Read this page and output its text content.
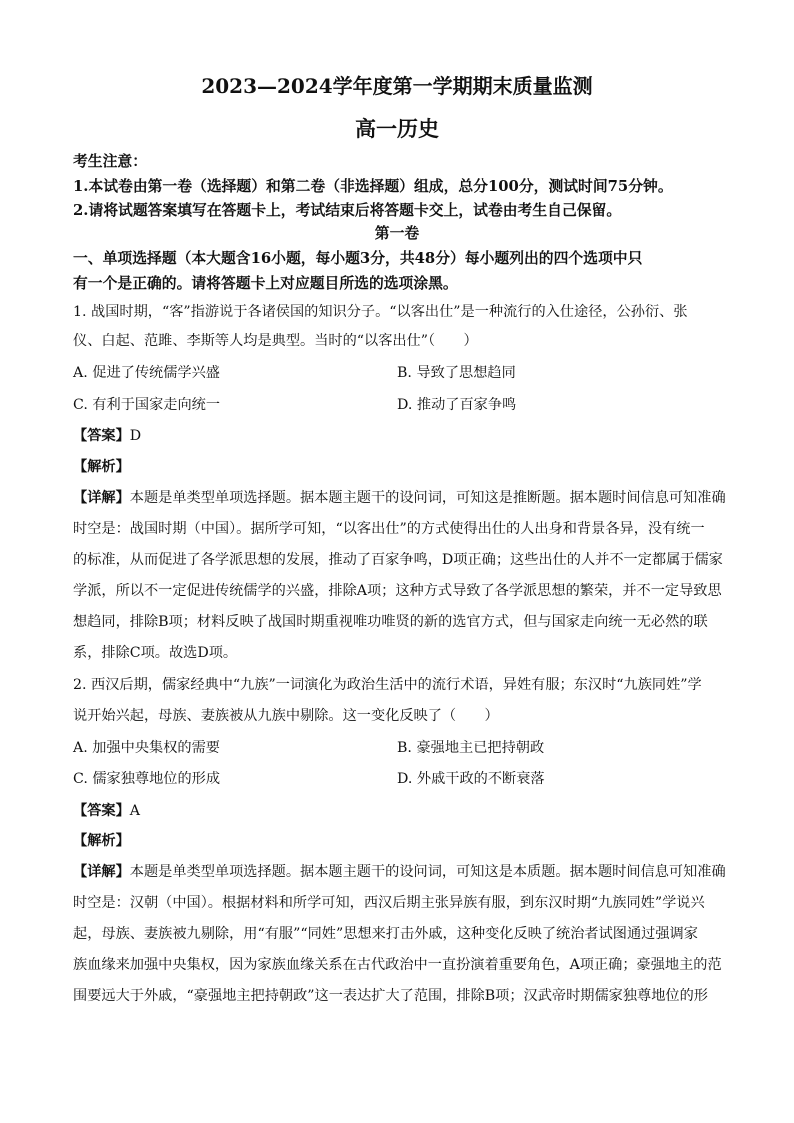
2023—2024学年度第一学期期末质量监测
高一历史
考生注意：
1.本试卷由第一卷（选择题）和第二卷（非选择题）组成，总分100分，测试时间75分钟。
2.请将试题答案填写在答题卡上，考试结束后将答题卡交上，试卷由考生自己保留。
第一卷
一、单项选择题（本大题含16小题，每小题3分，共48分）每小题列出的四个选项中只
有一个是正确的。请将答题卡上对应题目所选的选项涂黑。
1. 战国时期，“客”指游说于各诸侯国的知识分子。“以客出仕”是一种流行的入仕途径，公孙衍、张
仪、白起、范雎、李斯等人均是典型。当时的“以客出仕”（　　）
A. 促进了传统儒学兴盛	B. 导致了思想趋同
C. 有利于国家走向统一	D. 推动了百家争鸣
【答案】D
【解析】
【详解】本题是单类型单项选择题。据本题主题干的设问词，可知这是推断题。据本题时间信息可知准确
时空是：战国时期（中国）。据所学可知，“以客出仕”的方式使得出仕的人出身和背景各异，没有统一
的标准，从而促进了各学派思想的发展，推动了百家争鸣，D项正确；这些出仕的人并不一定都属于儒家
学派，所以不一定促进传统儒学的兴盛，排除A项；这种方式导致了各学派思想的繁荣，并不一定导致思
想趋同，排除B项；材料反映了战国时期重视唯功唯贤的新的选官方式，但与国家走向统一无必然的联
系，排除C项。故选D项。
2. 西汉后期，儒家经典中“九族”一词演化为政治生活中的流行术语，异姓有服；东汉时“九族同姓”学
说开始兴起，母族、妻族被从九族中剔除。这一变化反映了（　　）
A. 加强中央集权的需要	B. 豪强地主已把持朝政
C. 儒家独尊地位的形成	D. 外戚干政的不断衰落
【答案】A
【解析】
【详解】本题是单类型单项选择题。据本题主题干的设问词，可知这是本质题。据本题时间信息可知准确
时空是：汉朝（中国）。根据材料和所学可知，西汉后期主张异族有服，到东汉时期“九族同姓”学说兴
起，母族、妻族被九剔除，用“有服”“同姓”思想来打击外戚，这种变化反映了统治者试图通过强调家
族血缘来加强中央集权，因为家族血缘关系在古代政治中一直扮演着重要角色，A项正确；豪强地主的范
围要远大于外戚，“豪强地主把持朝政”这一表达扩大了范围，排除B项；汉武帝时期儒家独尊地位的形
